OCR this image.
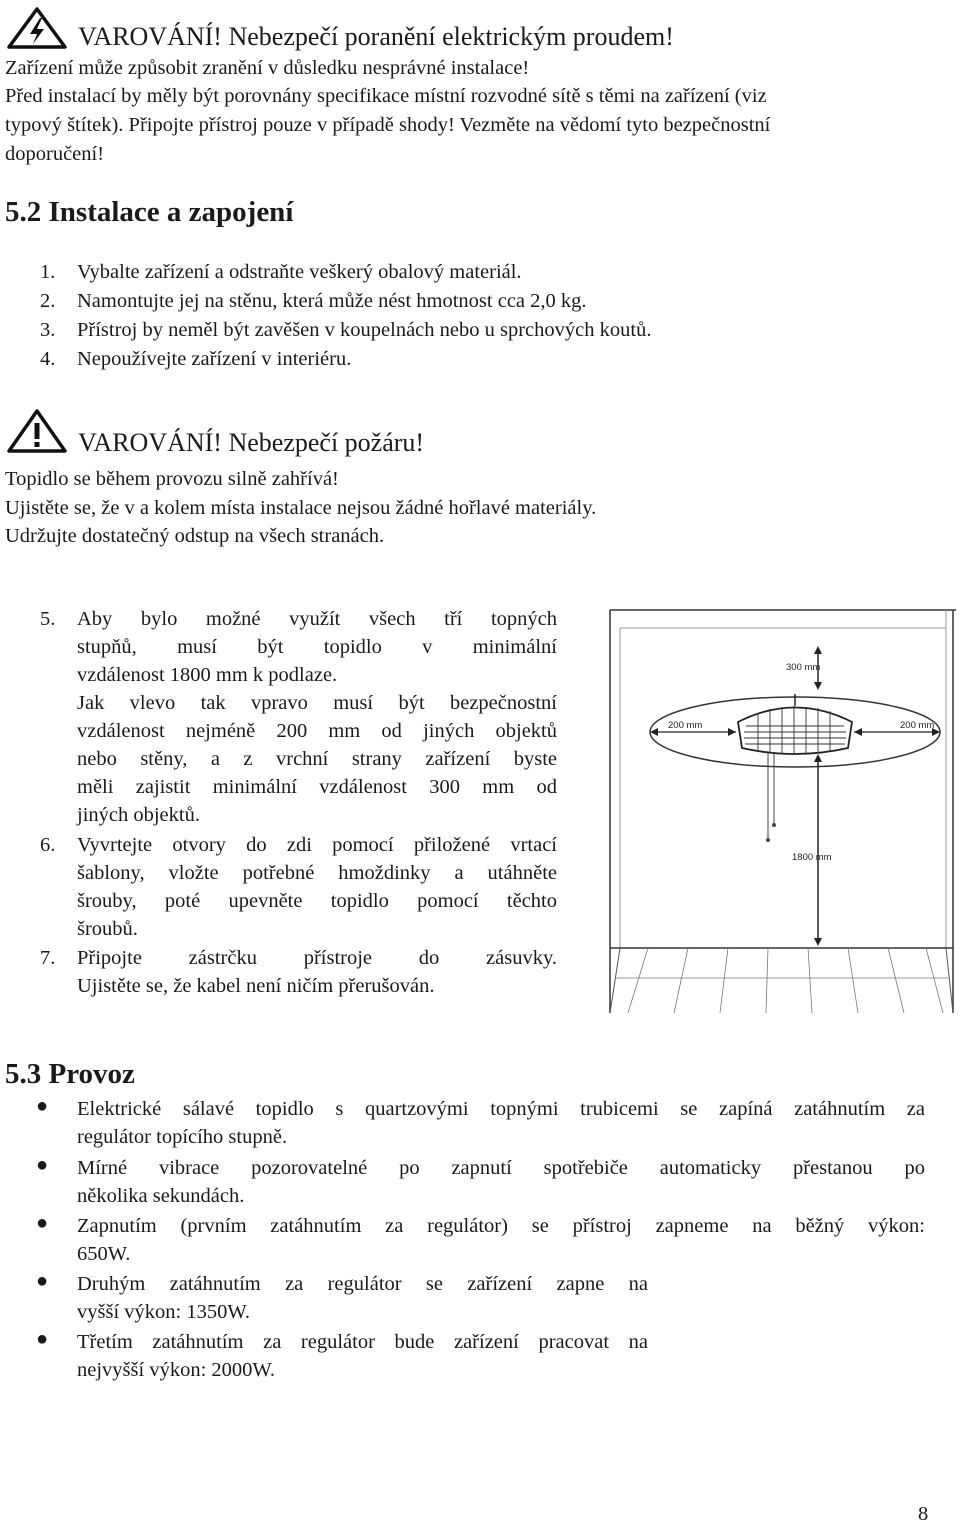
VAROVÁNÍ! Nebezpečí poranění elektrickým proudem!
Zařízení může způsobit zranění v důsledku nesprávné instalace!
Před instalací by měly být porovnány specifikace místní rozvodné sítě s těmi na zařízení (viz
typový štítek). Připojte přístroj pouze v případě shody! Vezměte na vědomí tyto bezpečnostní
doporučení!
5.2 Instalace a zapojení
1. Vybalte zařízení a odstraňte veškerý obalový materiál.
2. Namontujte jej na stěnu, která může nést hmotnost cca 2,0 kg.
3. Přístroj by neměl být zavěšen v koupelnách nebo u sprchových koutů.
4. Nepoužívejte zařízení v interiéru.
VAROVÁNÍ! Nebezpečí požáru!
Topidlo se během provozu silně zahřívá!
Ujistěte se, že v a kolem místa instalace nejsou žádné hořlavé materiály.
Udržujte dostatečný odstup na všech stranách.
5. Aby bylo možné využít všech tří topných
stupňů, musí být topidlo v minimální
vzdálenost 1800 mm k podlaze.
Jak vlevo tak vpravo musí být bezpečnostní
vzdálenost nejméně 200 mm od jiných objektů
nebo stěny, a z vrchní strany zařízení byste
měli zajistit minimální vzdálenost 300 mm od
jiných objektů.
6. Vyvrtejte otvory do zdi pomocí přiložené vrtací
šablony, vložte potřebné hmoždinky a utáhněte
šrouby, poté upevněte topidlo pomocí těchto
šroubů.
7. Připojte zástrčku přístroje do zásuvky.
Ujistěte se, že kabel není ničím přerušován.
300 mm
200 mm	200 mm
1800 mm
5.3 Provoz
● Elektrické sálavé topidlo s quartzovými topnými trubicemi se zapíná zatáhnutím za
regulátor topícího stupně.
● Mírné vibrace pozorovatelné po zapnutí spotřebiče automaticky přestanou po
několika sekundách.
● Zapnutím (prvním zatáhnutím za regulátor) se přístroj zapneme na běžný výkon:
650W.
● Druhým zatáhnutím za regulátor se zařízení zapne na
vyšší výkon: 1350W.
● Třetím zatáhnutím za regulátor bude zařízení pracovat na
nejvyšší výkon: 2000W.
8
